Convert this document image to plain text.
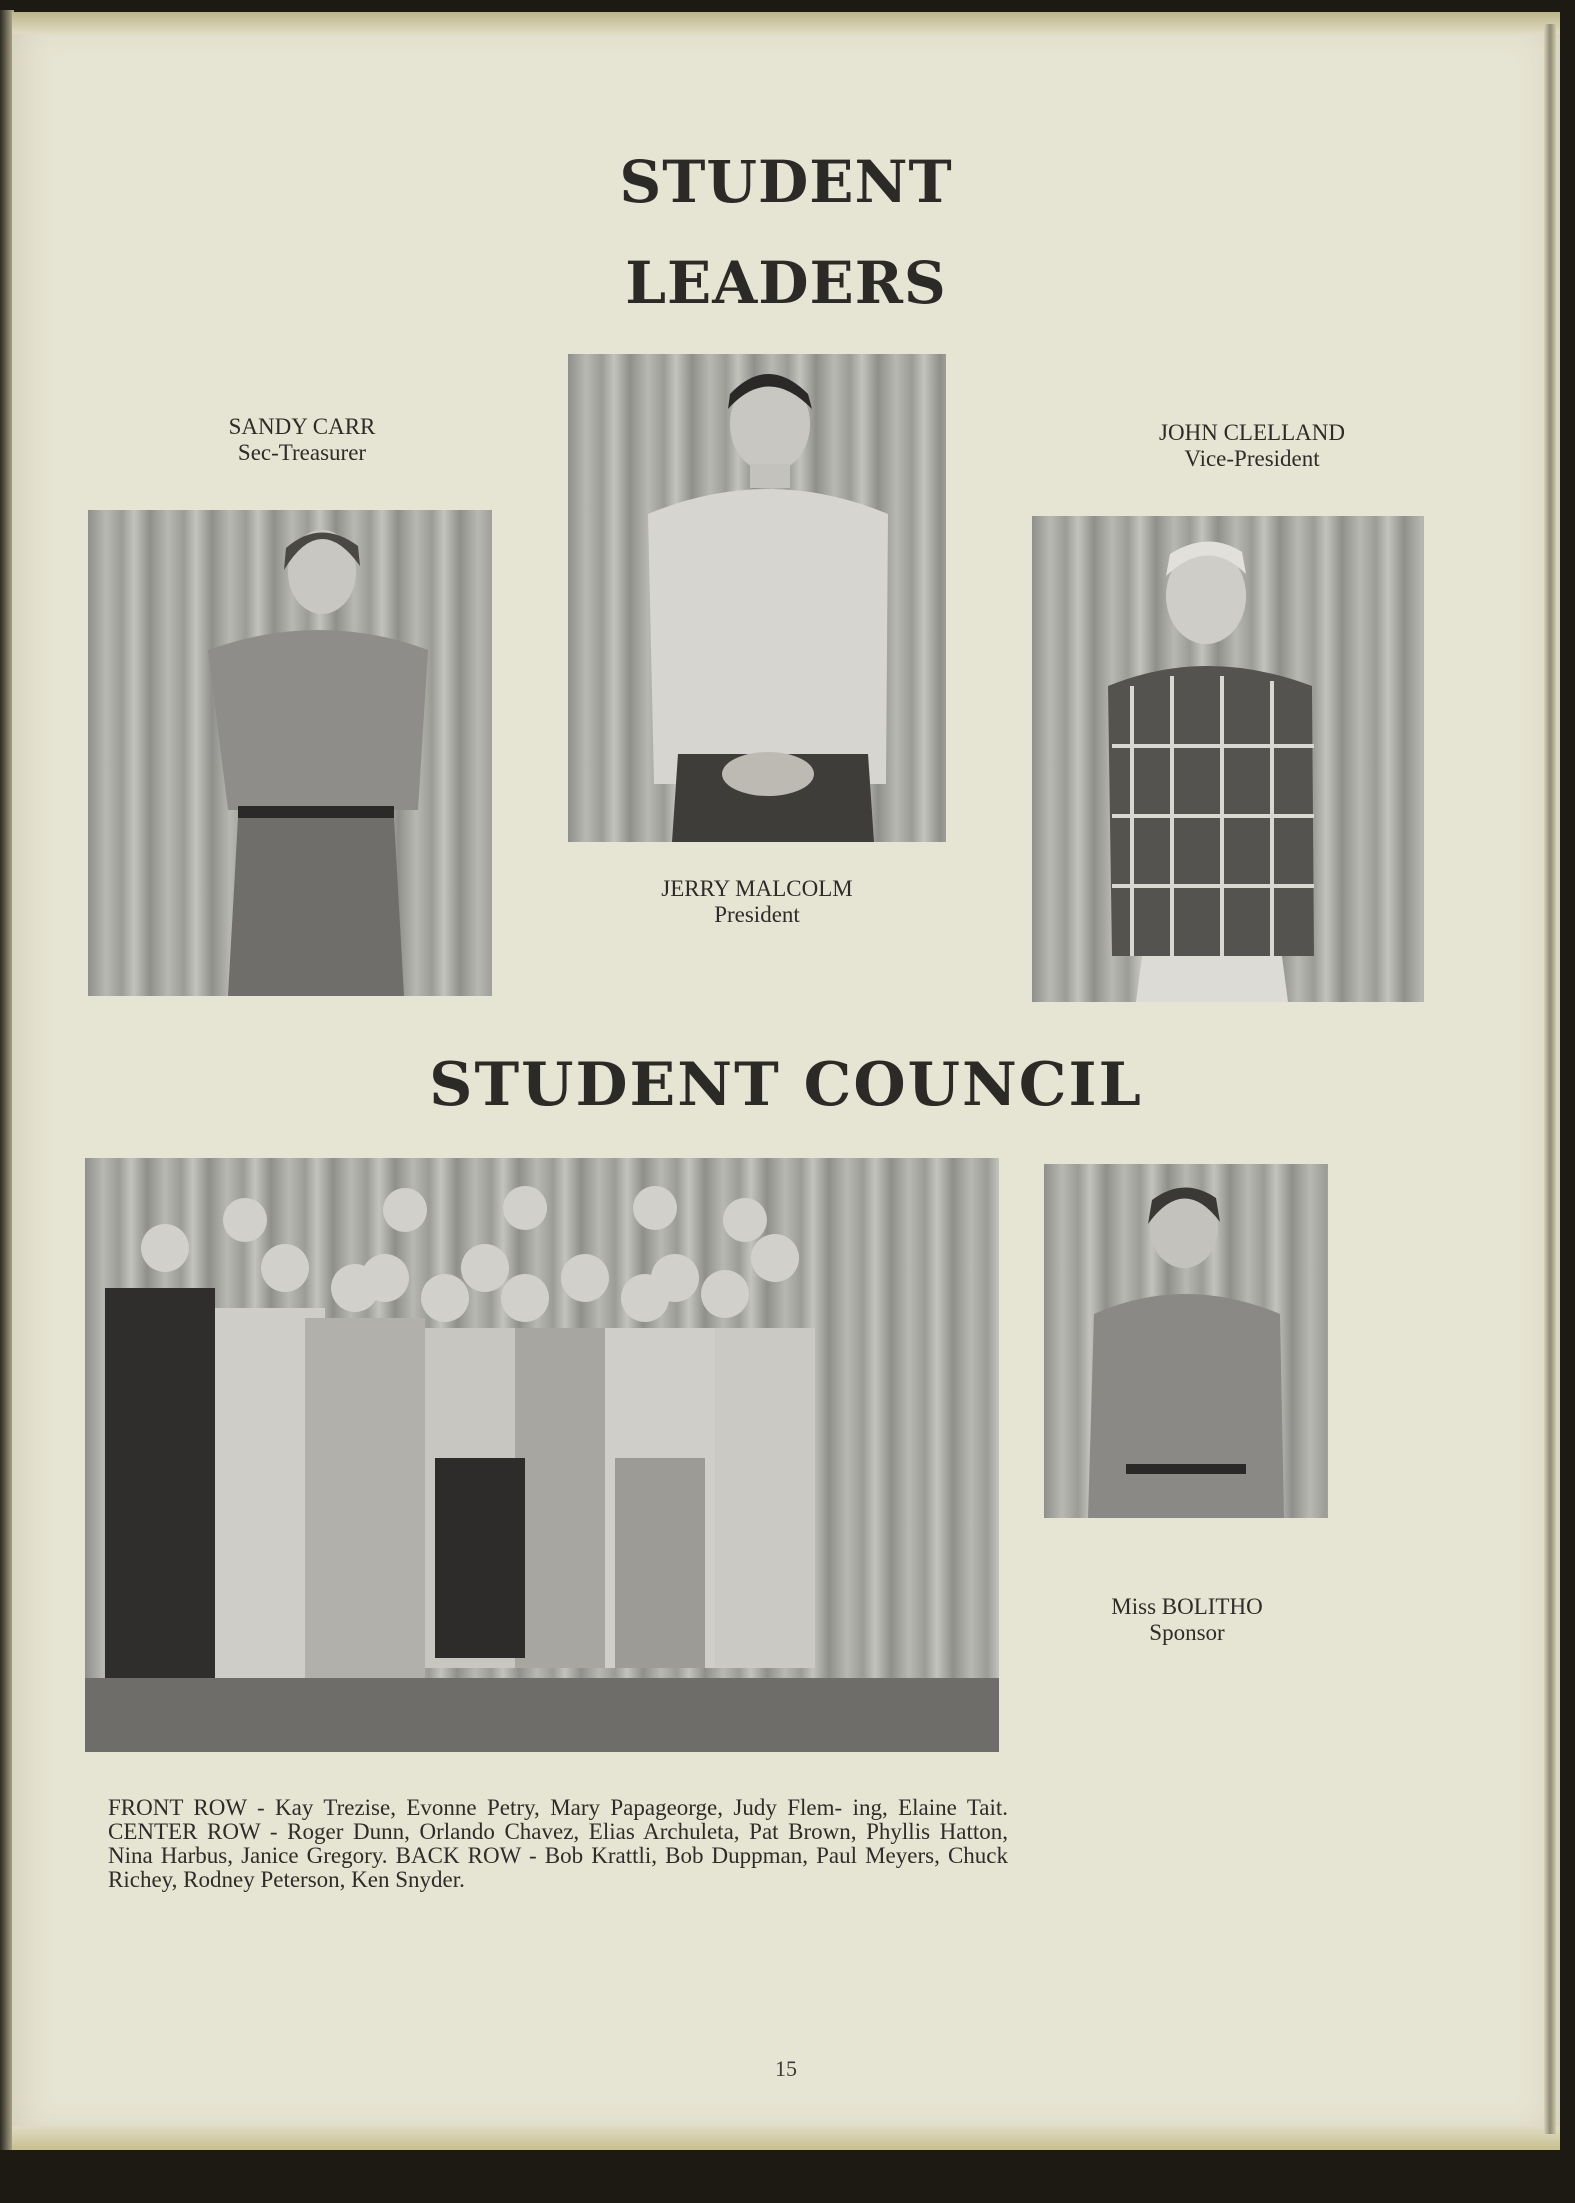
STUDENT
LEADERS
SANDY CARR
Sec-Treasurer
JOHN CLELLAND
Vice-President
JERRY MALCOLM
President
STUDENT COUNCIL
Miss BOLITHO
Sponsor
FRONT ROW - Kay Trezise, Evonne Petry, Mary Papageorge, Judy Flem- ing, Elaine Tait. CENTER ROW - Roger Dunn, Orlando Chavez, Elias Archuleta, Pat Brown, Phyllis Hatton, Nina Harbus, Janice Gregory. BACK ROW - Bob Krattli, Bob Duppman, Paul Meyers, Chuck Richey, Rodney Peterson, Ken Snyder.
15
